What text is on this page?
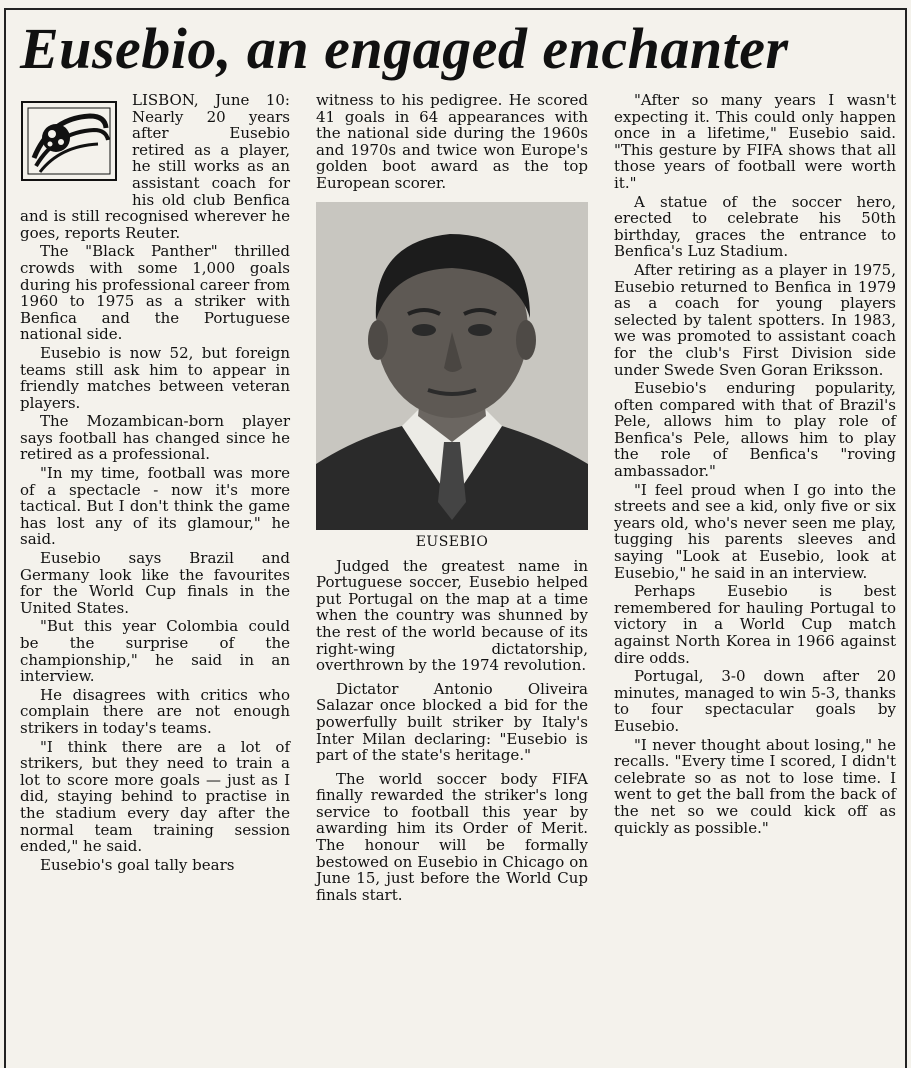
Eusebio, an engaged enchanter

LISBON, June 10: Nearly 20 years after Eusebio retired as a player, he still works as an assistant coach for his old club Benfica and is still recognised wherever he goes, reports Reuter.

The "Black Panther" thrilled crowds with some 1,000 goals during his professional career from 1960 to 1975 as a striker with Benfica and the Portuguese national side.

Eusebio is now 52, but foreign teams still ask him to appear in friendly matches between veteran players.

The Mozambican-born player says football has changed since he retired as a professional.

"In my time, football was more of a spectacle - now it's more tactical. But I don't think the game has lost any of its glamour," he said.

Eusebio says Brazil and Germany look like the favourites for the World Cup finals in the United States.

"But this year Colombia could be the surprise of the championship," he said in an interview.

He disagrees with critics who complain there are not enough strikers in today's teams.

"I think there are a lot of strikers, but they need to train a lot to score more goals — just as I did, staying behind to practise in the stadium every day after the normal team training session ended," he said.

Eusebio's goal tally bears

witness to his pedigree. He scored 41 goals in 64 appearances with the national side during the 1960s and 1970s and twice won Europe's golden boot award as the top European scorer.

EUSEBIO

Judged the greatest name in Portuguese soccer, Eusebio helped put Portugal on the map at a time when the country was shunned by the rest of the world because of its right-wing dictatorship, overthrown by the 1974 revolution.

Dictator Antonio Oliveira Salazar once blocked a bid for the powerfully built striker by Italy's Inter Milan declaring: "Eusebio is part of the state's heritage."

The world soccer body FIFA finally rewarded the striker's long service to football this year by awarding him its Order of Merit. The honour will be formally bestowed on Eusebio in Chicago on June 15, just before the World Cup finals start.

"After so many years I wasn't expecting it. This could only happen once in a lifetime," Eusebio said. "This gesture by FIFA shows that all those years of football were worth it."

A statue of the soccer hero, erected to celebrate his 50th birthday, graces the entrance to Benfica's Luz Stadium.

After retiring as a player in 1975, Eusebio returned to Benfica in 1979 as a coach for young players selected by talent spotters. In 1983, we was promoted to assistant coach for the club's First Division side under Swede Sven Goran Eriksson.

Eusebio's enduring popularity, often compared with that of Brazil's Pele, allows him to play role of Benfica's Pele, allows him to play the role of Benfica's "roving ambassador."

"I feel proud when I go into the streets and see a kid, only five or six years old, who's never seen me play, tugging his parents sleeves and saying "Look at Eusebio, look at Eusebio," he said in an interview.

Perhaps Eusebio is best remembered for hauling Portugal to victory in a World Cup match against North Korea in 1966 against dire odds.

Portugal, 3-0 down after 20 minutes, managed to win 5-3, thanks to four spectacular goals by Eusebio.

"I never thought about losing," he recalls. "Every time I scored, I didn't celebrate so as not to lose time. I went to get the ball from the back of the net so we could kick off as quickly as possible."
